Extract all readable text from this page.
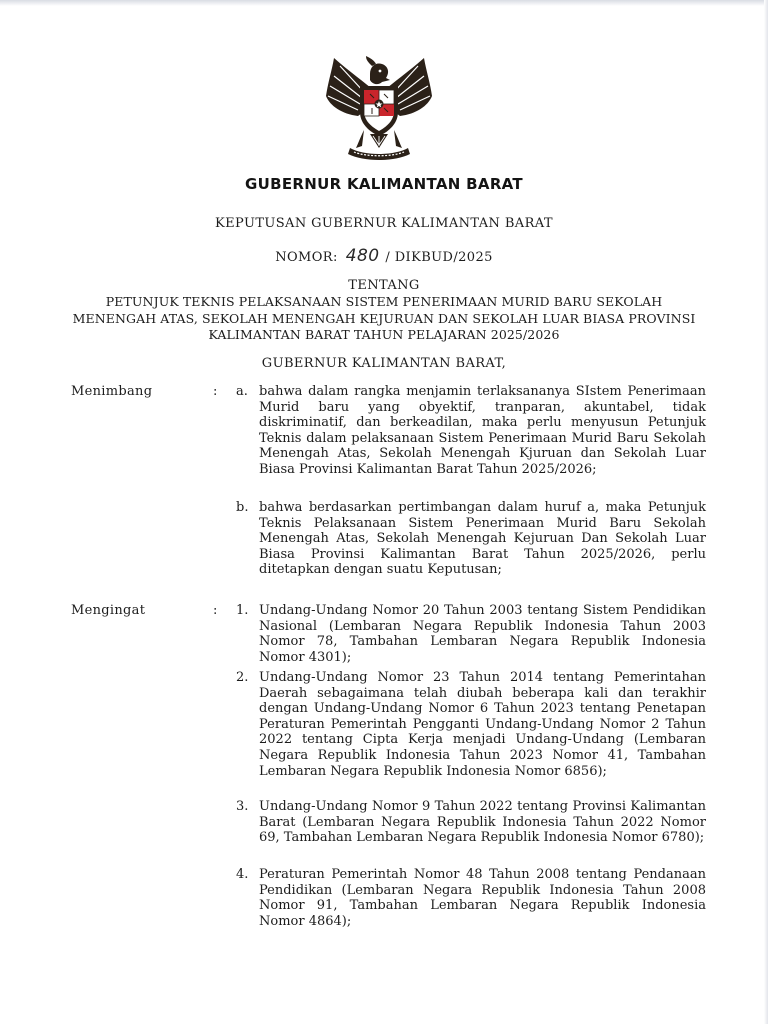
GUBERNUR KALIMANTAN BARAT
KEPUTUSAN GUBERNUR KALIMANTAN BARAT
NOMOR: 480 / DIKBUD/2025
TENTANG
PETUNJUK TEKNIS PELAKSANAAN SISTEM PENERIMAAN MURID BARU SEKOLAH MENENGAH ATAS, SEKOLAH MENENGAH KEJURUAN DAN SEKOLAH LUAR BIASA PROVINSI KALIMANTAN BARAT TAHUN PELAJARAN 2025/2026
GUBERNUR KALIMANTAN BARAT,
Menimbang	: a. bahwa dalam rangka menjamin terlaksananya SIstem Penerimaan Murid baru yang obyektif, tranparan, akuntabel, tidak diskriminatif, dan berkeadilan, maka perlu menyusun Petunjuk Teknis dalam pelaksanaan Sistem Penerimaan Murid Baru Sekolah Menengah Atas, Sekolah Menengah Kjuruan dan Sekolah Luar Biasa Provinsi Kalimantan Barat Tahun 2025/2026;
b. bahwa berdasarkan pertimbangan dalam huruf a, maka Petunjuk Teknis Pelaksanaan Sistem Penerimaan Murid Baru Sekolah Menengah Atas, Sekolah Menengah Kejuruan Dan Sekolah Luar Biasa Provinsi Kalimantan Barat Tahun 2025/2026, perlu ditetapkan dengan suatu Keputusan;
Mengingat	: 1. Undang-Undang Nomor 20 Tahun 2003 tentang Sistem Pendidikan Nasional (Lembaran Negara Republik Indonesia Tahun 2003 Nomor 78, Tambahan Lembaran Negara Republik Indonesia Nomor 4301);
2. Undang-Undang Nomor 23 Tahun 2014 tentang Pemerintahan Daerah sebagaimana telah diubah beberapa kali dan terakhir dengan Undang-Undang Nomor 6 Tahun 2023 tentang Penetapan Peraturan Pemerintah Pengganti Undang-Undang Nomor 2 Tahun 2022 tentang Cipta Kerja menjadi Undang-Undang (Lembaran Negara Republik Indonesia Tahun 2023 Nomor 41, Tambahan Lembaran Negara Republik Indonesia Nomor 6856);
3. Undang-Undang Nomor 9 Tahun 2022 tentang Provinsi Kalimantan Barat (Lembaran Negara Republik Indonesia Tahun 2022 Nomor 69, Tambahan Lembaran Negara Republik Indonesia Nomor 6780);
4. Peraturan Pemerintah Nomor 48 Tahun 2008 tentang Pendanaan Pendidikan (Lembaran Negara Republik Indonesia Tahun 2008 Nomor 91, Tambahan Lembaran Negara Republik Indonesia Nomor 4864);
